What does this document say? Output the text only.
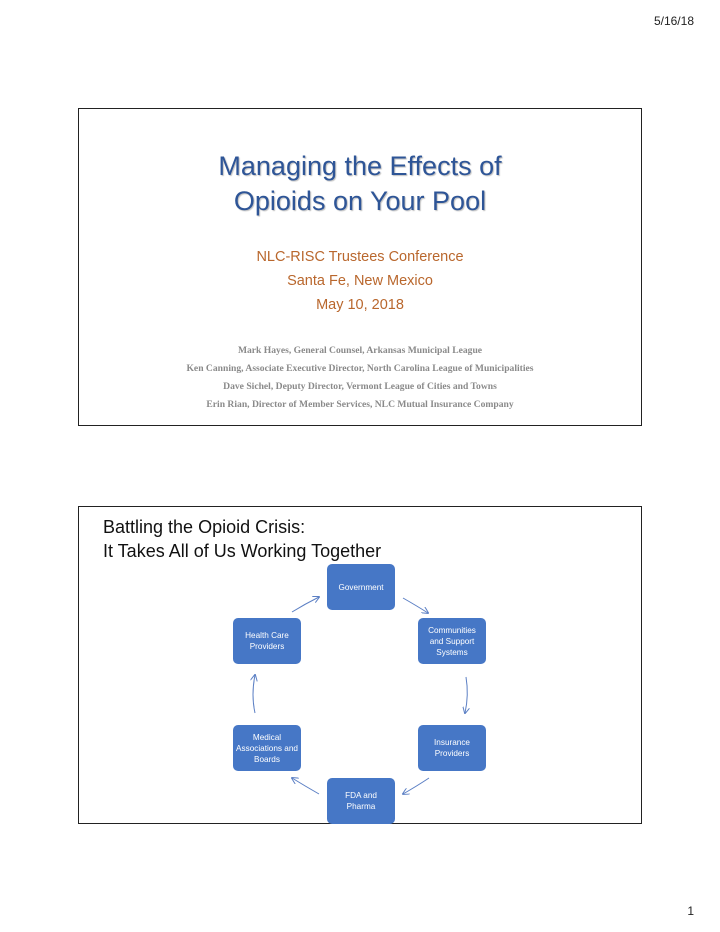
5/16/18
Managing the Effects of
Opioids on Your Pool
NLC-RISC Trustees Conference
Santa Fe, New Mexico
May 10, 2018
Mark Hayes, General Counsel, Arkansas Municipal League
Ken Canning, Associate Executive Director, North Carolina League of Municipalities
Dave Sichel, Deputy Director, Vermont League of Cities and Towns
Erin Rian, Director of Member Services, NLC Mutual Insurance Company
Battling the Opioid Crisis:
It Takes All of Us Working Together
Government
Communities and Support Systems
Insurance Providers
FDA and Pharma
Medical Associations and Boards
Health Care Providers
1
